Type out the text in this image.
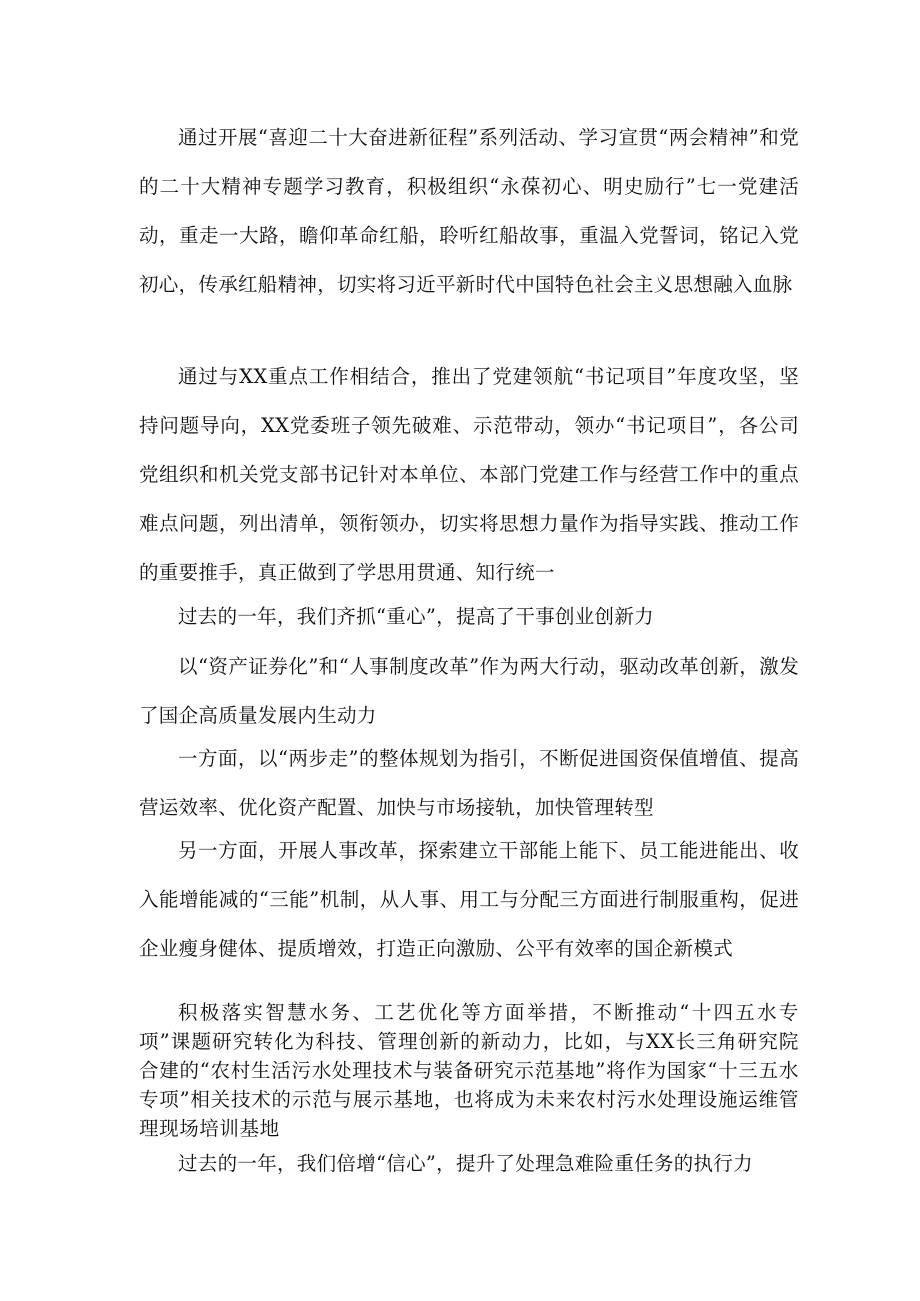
通过开展“喜迎二十大奋进新征程”系列活动、学习宣贯“两会精神”和党的二十大精神专题学习教育，积极组织“永葆初心、明史励行”七一党建活动，重走一大路，瞻仰革命红船，聆听红船故事，重温入党誓词，铭记入党初心，传承红船精神，切实将习近平新时代中国特色社会主义思想融入血脉

通过与XX重点工作相结合，推出了党建领航“书记项目”年度攻坚，坚持问题导向，XX党委班子领先破难、示范带动，领办“书记项目”，各公司党组织和机关党支部书记针对本单位、本部门党建工作与经营工作中的重点难点问题，列出清单，领衔领办，切实将思想力量作为指导实践、推动工作的重要推手，真正做到了学思用贯通、知行统一

过去的一年，我们齐抓“重心”，提高了干事创业创新力

以“资产证券化”和“人事制度改革”作为两大行动，驱动改革创新，激发了国企高质量发展内生动力

一方面，以“两步走”的整体规划为指引，不断促进国资保值增值、提高营运效率、优化资产配置、加快与市场接轨，加快管理转型

另一方面，开展人事改革，探索建立干部能上能下、员工能进能出、收入能增能减的“三能”机制，从人事、用工与分配三方面进行制服重构，促进企业瘦身健体、提质增效，打造正向激励、公平有效率的国企新模式

积极落实智慧水务、工艺优化等方面举措，不断推动“十四五水专项”课题研究转化为科技、管理创新的新动力，比如，与XX长三角研究院合建的“农村生活污水处理技术与装备研究示范基地”将作为国家“十三五水专项”相关技术的示范与展示基地，也将成为未来农村污水处理设施运维管理现场培训基地

过去的一年，我们倍增“信心”，提升了处理急难险重任务的执行力
